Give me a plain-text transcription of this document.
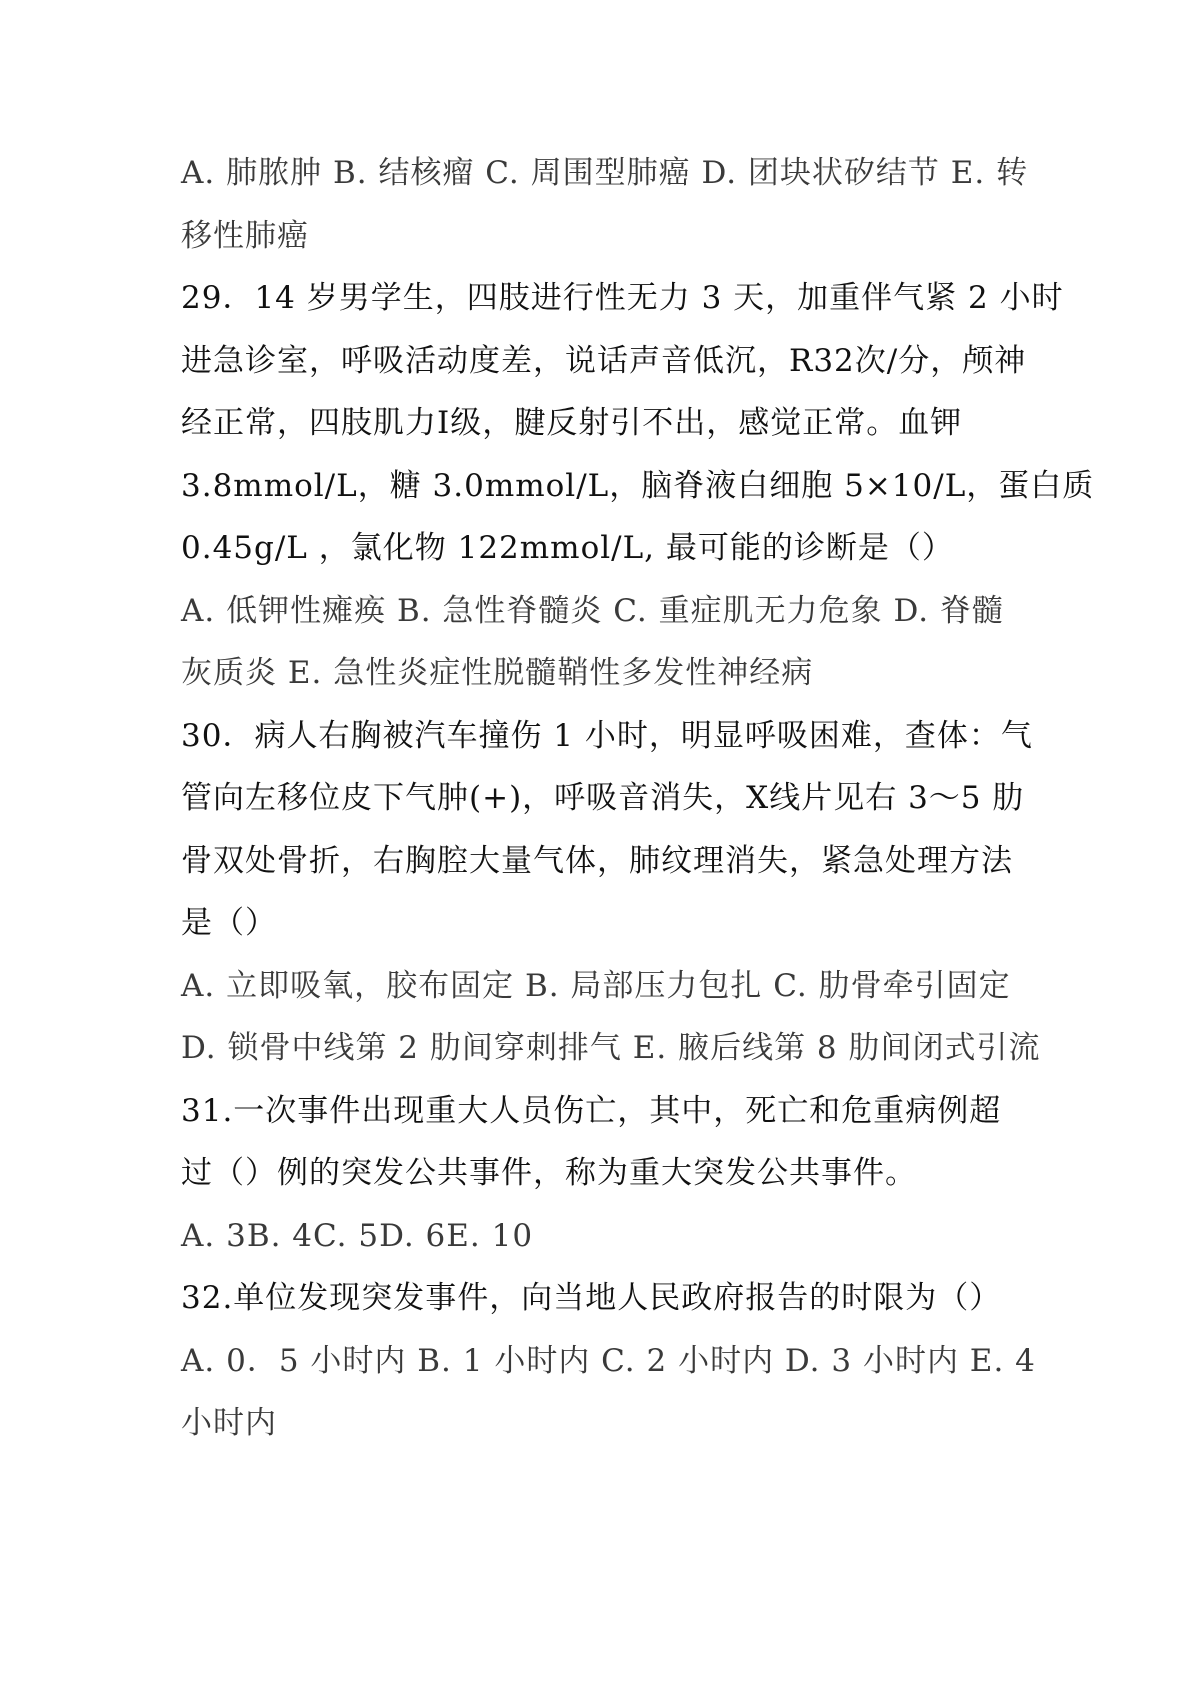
A. 肺脓肿 B. 结核瘤 C. 周围型肺癌 D. 团块状矽结节 E. 转
移性肺癌
29．14 岁男学生，四肢进行性无力 3 天，加重伴气紧 2 小时
进急诊室，呼吸活动度差，说话声音低沉，R32次/分，颅神
经正常，四肢肌力Ⅰ级，腱反射引不出，感觉正常。血钾
3.8mmol/L，糖 3.0mmol/L，脑脊液白细胞 5×10/L，蛋白质
0.45g/L ，氯化物 122mmol/L, 最可能的诊断是（）
A. 低钾性瘫痪 B. 急性脊髓炎 C. 重症肌无力危象 D. 脊髓
灰质炎 E. 急性炎症性脱髓鞘性多发性神经病
30．病人右胸被汽车撞伤 1 小时，明显呼吸困难，查体：气
管向左移位皮下气肿(+)，呼吸音消失，X线片见右 3～5 肋
骨双处骨折，右胸腔大量气体，肺纹理消失，紧急处理方法
是（）
A. 立即吸氧，胶布固定 B. 局部压力包扎 C. 肋骨牵引固定
D. 锁骨中线第 2 肋间穿刺排气 E. 腋后线第 8 肋间闭式引流
31.一次事件出现重大人员伤亡，其中，死亡和危重病例超
过（）例的突发公共事件，称为重大突发公共事件。
A. 3B. 4C. 5D. 6E. 10
32.单位发现突发事件，向当地人民政府报告的时限为（）
A. 0．5 小时内 B. 1 小时内 C. 2 小时内 D. 3 小时内 E. 4
小时内
